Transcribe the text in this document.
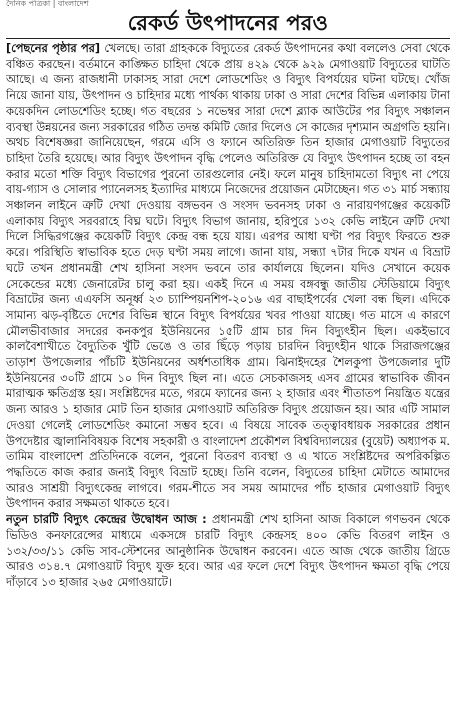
দৈনিক পত্রিকা | বাংলাদেশ
রেকর্ড উৎপাদনের পরও

[পেছনের পৃষ্ঠার পর] খেলছে। তারা গ্রাহককে বিদ্যুতের রেকর্ড উৎপাদনের কথা বললেও সেবা থেকে বঞ্চিত করছেন। বর্তমানে কাঙ্ক্ষিত চাহিদা থেকে প্রায় ৪২৯ থেকে ৯২৯ মেগাওয়াট বিদ্যুতের ঘাটতি আছে। এ জন্য রাজধানী ঢাকাসহ সারা দেশে লোডশেডিং ও বিদ্যুৎ বিপর্যয়ের ঘটনা ঘটছে। খোঁজ নিয়ে জানা যায়, উৎপাদন ও চাহিদার মধ্যে পার্থক্য থাকায় ঢাকা ও সারা দেশের বিভিন্ন এলাকায় টানা কয়েকদিন লোডশেডিং হচ্ছে। গত বছরের ১ নভেম্বর সারা দেশে ব্ল্যাক আউটের পর বিদ্যুৎ সঞ্চালন ব্যবস্থা উন্নয়নের জন্য সরকারের গঠিত তদন্ত কমিটি জোর দিলেও সে কাজের দৃশ্যমান অগ্রগতি হয়নি। অথচ বিশেষজ্ঞরা জানিয়েছেন, গরমে এসি ও ফ্যানে অতিরিক্ত তিন হাজার মেগাওয়াট বিদ্যুতের চাহিদা তৈরি হয়েছে। আর বিদ্যুৎ উৎপাদন বৃদ্ধি পেলেও অতিরিক্ত যে বিদ্যুৎ উৎপাদন হচ্ছে তা বহন করার মতো শক্তি বিদ্যুৎ বিভাগের পুরনো তারগুলোর নেই। ফলে মানুষ চাহিদামতো বিদ্যুৎ না পেয়ে বায়-গ্যাস ও সোলার প্যানেলসহ ইত্যাদির মাধ্যমে নিজেদের প্রয়োজন মেটাচ্ছেন। গত ৩১ মার্চ সন্ধ্যায় সঞ্চালন লাইনে ত্রুটি দেখা দেওয়ায় বঙ্গভবন ও সংসদ ভবনসহ ঢাকা ও নারায়ণগঞ্জের কয়েকটি এলাকায় বিদ্যুৎ সরবরাহে বিঘ্ন ঘটে। বিদ্যুৎ বিভাগ জানায়, হরিপুরে ১৩২ কেভি লাইনে ত্রুটি দেখা দিলে সিদ্ধিরগঞ্জের কয়েকটি বিদ্যুৎ কেন্দ্র বন্ধ হয়ে যায়। এরপর আধা ঘণ্টা পর বিদ্যুৎ ফিরতে শুরু করে। পরিস্থিতি স্বাভাবিক হতে দেড় ঘণ্টা সময় লাগে। জানা যায়, সন্ধ্যা ৭টার দিকে যখন এ বিভ্রাট ঘটে তখন প্রধানমন্ত্রী শেখ হাসিনা সংসদ ভবনে তার কার্যালয়ে ছিলেন। যদিও সেখানে কয়েক সেকেন্ডের মধ্যে জেনারেটর চালু করা হয়। একই দিনে এ সময় বঙ্গবন্ধু জাতীয় স্টেডিয়ামে বিদ্যুৎ বিভ্রাটের জন্য এএফসি অনূর্ধ্ব ২৩ চ্যাম্পিয়নশিপ-২০১৬ এর বাছাইপর্বের খেলা বন্ধ ছিল। এদিকে সামান্য ঝড়-বৃষ্টিতে দেশের বিভিন্ন স্থানে বিদ্যুৎ বিপর্যয়ের খবর পাওয়া যাচ্ছে। গত মাসে এ কারণে মৌলভীবাজার সদরের কনকপুর ইউনিয়নের ১৫টি গ্রাম চার দিন বিদ্যুৎহীন ছিল। একইভাবে কালবৈশাখীতে বৈদ্যুতিক খুঁটি ভেঙে ও তার ছিঁড়ে পড়ায় চারদিন বিদ্যুৎহীন থাকে সিরাজগঞ্জের তাড়াশ উপজেলার পাঁচটি ইউনিয়নের অর্ধশতাধিক গ্রাম। ঝিনাইদহের শৈলকুপা উপজেলার দুটি ইউনিয়নের ৩০টি গ্রামে ১০ দিন বিদ্যুৎ ছিল না। এতে সেচকাজসহ এসব গ্রামের স্বাভাবিক জীবন মারাত্মক ক্ষতিগ্রস্ত হয়। সংশ্লিষ্টদের মতে, গরমে ফ্যানের জন্য ২ হাজার এবং শীতাতপ নিয়ন্ত্রিত যন্ত্রের জন্য আরও ১ হাজার মোট তিন হাজার মেগাওয়াট অতিরিক্ত বিদ্যুৎ প্রয়োজন হয়। আর এটি সামাল দেওয়া গেলেই লোডশেডিং কমানো সম্ভব হবে। এ বিষয়ে সাবেক তত্ত্বাবধায়ক সরকারের প্রধান উপদেষ্টার জ্বালানিবিষয়ক বিশেষ সহকারী ও বাংলাদেশ প্রকৌশল বিশ্ববিদ্যালয়ের (বুয়েট) অধ্যাপক ম. তামিম বাংলাদেশ প্রতিদিনকে বলেন, পুরনো বিতরণ ব্যবস্থা ও এ খাতে সংশ্লিষ্টদের অপরিকল্পিত পদ্ধতিতে কাজ করার জন্যই বিদ্যুৎ বিভ্রাট হচ্ছে। তিনি বলেন, বিদ্যুতের চাহিদা মেটাতে আমাদের আরও সাশ্রয়ী বিদ্যুৎকেন্দ্র লাগবে। গরম-শীতে সব সময় আমাদের পাঁচ হাজার মেগাওয়াট বিদ্যুৎ উৎপাদন করার সক্ষমতা থাকতে হবে।

নতুন চারটি বিদ্যুৎ কেন্দ্রের উদ্বোধন আজ : প্রধানমন্ত্রী শেখ হাসিনা আজ বিকালে গণভবন থেকে ভিডিও কনফারেন্সের মাধ্যমে একসঙ্গে চারটি বিদ্যুৎ কেন্দ্রসহ ৪০০ কেভি বিতরণ লাইন ও ১৩২/৩৩/১১ কেভি সাব-স্টেশনের আনুষ্ঠানিক উদ্বোধন করবেন। এতে আজ থেকে জাতীয় গ্রিডে আরও ৩১৪.৭ মেগাওয়াট বিদ্যুৎ যুক্ত হবে। আর এর ফলে দেশে বিদ্যুৎ উৎপাদন ক্ষমতা বৃদ্ধি পেয়ে দাঁড়াবে ১৩ হাজার ২৬৫ মেগাওয়াটে।
